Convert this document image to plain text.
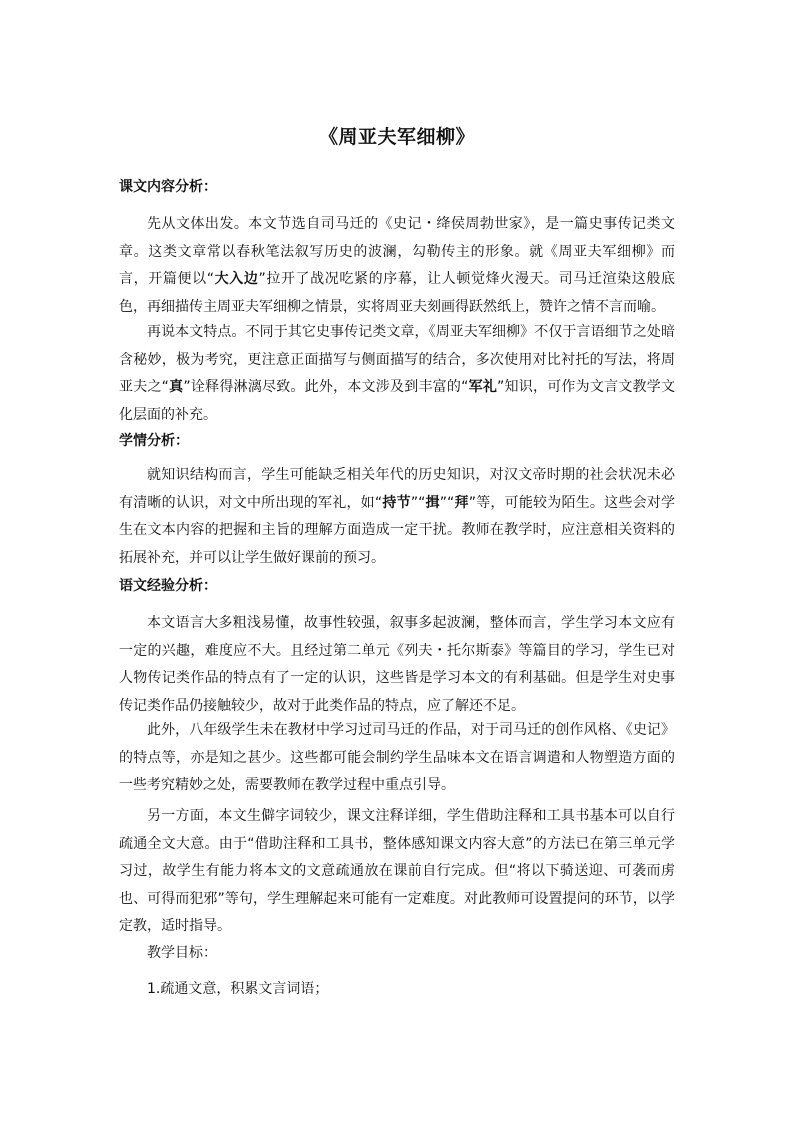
《周亚夫军细柳》
课文内容分析：
先从文体出发。本文节选自司马迁的《史记・绛侯周勃世家》，是一篇史事传记类文章。这类文章常以春秋笔法叙写历史的波澜，勾勒传主的形象。就《周亚夫军细柳》而言，开篇便以“大入边”拉开了战况吃紧的序幕，让人顿觉烽火漫天。司马迁渲染这般底色，再细描传主周亚夫军细柳之情景，实将周亚夫刻画得跃然纸上，赞许之情不言而喻。
再说本文特点。不同于其它史事传记类文章，《周亚夫军细柳》不仅于言语细节之处暗含秘妙，极为考究，更注意正面描写与侧面描写的结合，多次使用对比衬托的写法，将周亚夫之“真”诠释得淋漓尽致。此外，本文涉及到丰富的“军礼”知识，可作为文言文教学文化层面的补充。
学情分析：
就知识结构而言，学生可能缺乏相关年代的历史知识，对汉文帝时期的社会状况未必有清晰的认识，对文中所出现的军礼，如“持节”“揖”“拜”等，可能较为陌生。这些会对学生在文本内容的把握和主旨的理解方面造成一定干扰。教师在教学时，应注意相关资料的拓展补充，并可以让学生做好课前的预习。
语文经验分析：
本文语言大多粗浅易懂，故事性较强，叙事多起波澜，整体而言，学生学习本文应有一定的兴趣，难度应不大。且经过第二单元《列夫・托尔斯泰》等篇目的学习，学生已对人物传记类作品的特点有了一定的认识，这些皆是学习本文的有利基础。但是学生对史事传记类作品仍接触较少，故对于此类作品的特点，应了解还不足。
此外，八年级学生未在教材中学习过司马迁的作品，对于司马迁的创作风格、《史记》的特点等，亦是知之甚少。这些都可能会制约学生品味本文在语言调遣和人物塑造方面的一些考究精妙之处，需要教师在教学过程中重点引导。
另一方面，本文生僻字词较少，课文注释详细，学生借助注释和工具书基本可以自行疏通全文大意。由于“借助注释和工具书，整体感知课文内容大意”的方法已在第三单元学习过，故学生有能力将本文的文意疏通放在课前自行完成。但“将以下骑送迎、可袭而虏也、可得而犯邪”等句，学生理解起来可能有一定难度。对此教师可设置提问的环节，以学定教，适时指导。
教学目标：
1.疏通文意，积累文言词语；
